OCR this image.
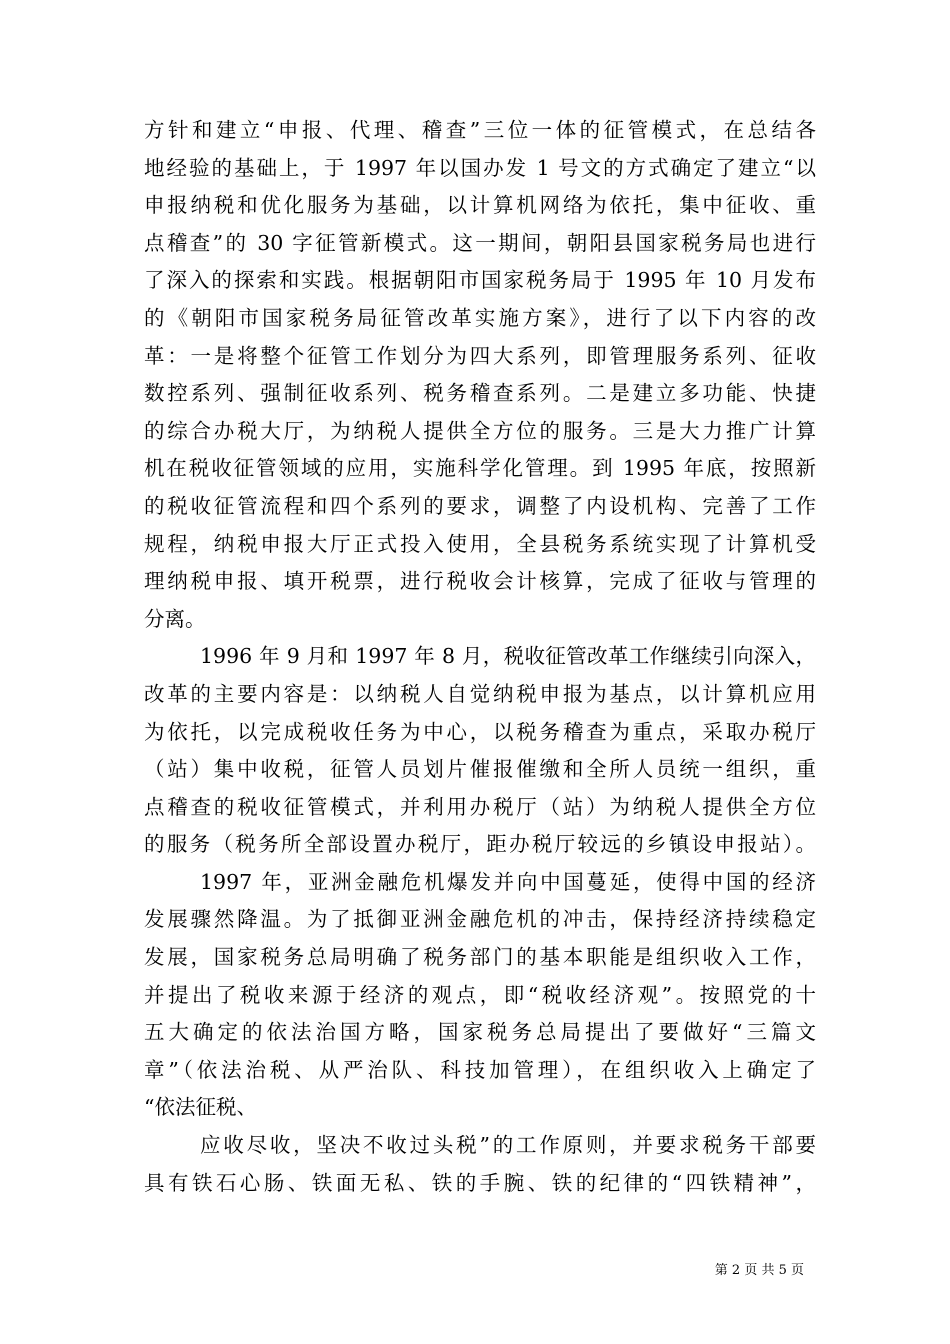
方针和建立“申报、代理、稽查”三位一体的征管模式，在总结各
地经验的基础上，于 1997 年以国办发 1 号文的方式确定了建立“以
申报纳税和优化服务为基础，以计算机网络为依托，集中征收、重
点稽查”的 30 字征管新模式。这一期间，朝阳县国家税务局也进行
了深入的探索和实践。根据朝阳市国家税务局于 1995 年 10 月发布
的《朝阳市国家税务局征管改革实施方案》，进行了以下内容的改
革：一是将整个征管工作划分为四大系列，即管理服务系列、征收
数控系列、强制征收系列、税务稽查系列。二是建立多功能、快捷
的综合办税大厅，为纳税人提供全方位的服务。三是大力推广计算
机在税收征管领域的应用，实施科学化管理。到 1995 年底，按照新
的税收征管流程和四个系列的要求，调整了内设机构、完善了工作
规程，纳税申报大厅正式投入使用，全县税务系统实现了计算机受
理纳税申报、填开税票，进行税收会计核算，完成了征收与管理的
分离。
1996 年 9 月和 1997 年 8 月，税收征管改革工作继续引向深入，
改革的主要内容是：以纳税人自觉纳税申报为基点，以计算机应用
为依托，以完成税收任务为中心，以税务稽查为重点，采取办税厅
（站）集中收税，征管人员划片催报催缴和全所人员统一组织，重
点稽查的税收征管模式，并利用办税厅（站）为纳税人提供全方位
的服务（税务所全部设置办税厅，距办税厅较远的乡镇设申报站）。
1997 年，亚洲金融危机爆发并向中国蔓延，使得中国的经济
发展骤然降温。为了抵御亚洲金融危机的冲击，保持经济持续稳定
发展，国家税务总局明确了税务部门的基本职能是组织收入工作，
并提出了税收来源于经济的观点，即“税收经济观”。按照党的十
五大确定的依法治国方略，国家税务总局提出了要做好“三篇文
章”（依法治税、从严治队、科技加管理），在组织收入上确定了
“依法征税、
应收尽收，坚决不收过头税”的工作原则，并要求税务干部要
具有铁石心肠、铁面无私、铁的手腕、铁的纪律的“四铁精神”，
第 2 页 共 5 页
